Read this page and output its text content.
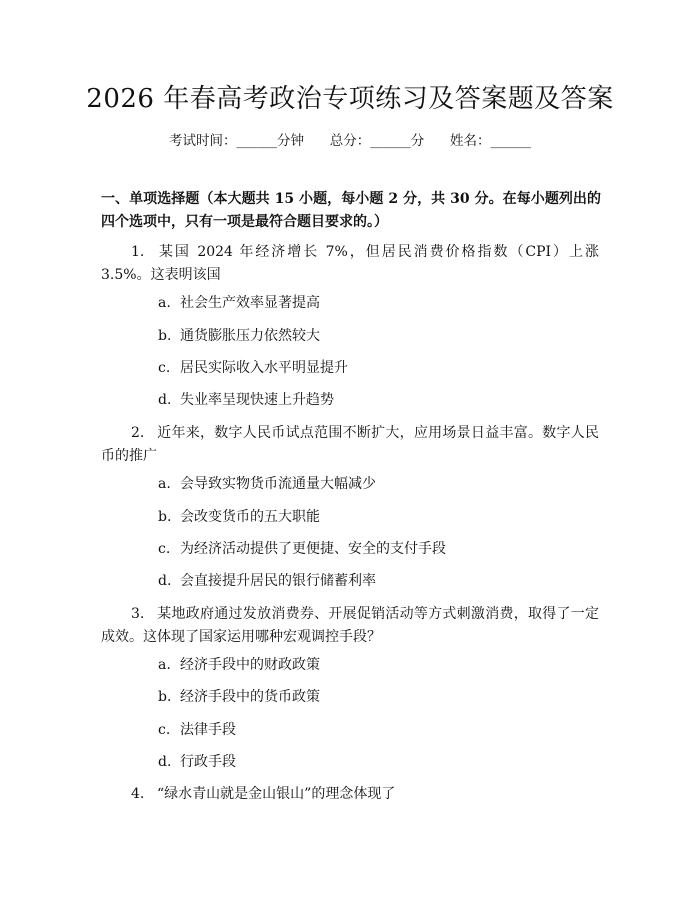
2026 年春高考政治专项练习及答案题及答案
考试时间：______分钟      总分：______分      姓名：______
一、单项选择题（本大题共 15 小题，每小题 2 分，共 30 分。在每小题列出的四个选项中，只有一项是最符合题目要求的。）
1. 某国 2024 年经济增长 7%，但居民消费价格指数（CPI）上涨 3.5%。这表明该国
a. 社会生产效率显著提高
b. 通货膨胀压力依然较大
c. 居民实际收入水平明显提升
d. 失业率呈现快速上升趋势
2. 近年来，数字人民币试点范围不断扩大，应用场景日益丰富。数字人民币的推广
a. 会导致实物货币流通量大幅减少
b. 会改变货币的五大职能
c. 为经济活动提供了更便捷、安全的支付手段
d. 会直接提升居民的银行储蓄利率
3. 某地政府通过发放消费券、开展促销活动等方式刺激消费，取得了一定成效。这体现了国家运用哪种宏观调控手段？
a. 经济手段中的财政政策
b. 经济手段中的货币政策
c. 法律手段
d. 行政手段
4. “绿水青山就是金山银山”的理念体现了
